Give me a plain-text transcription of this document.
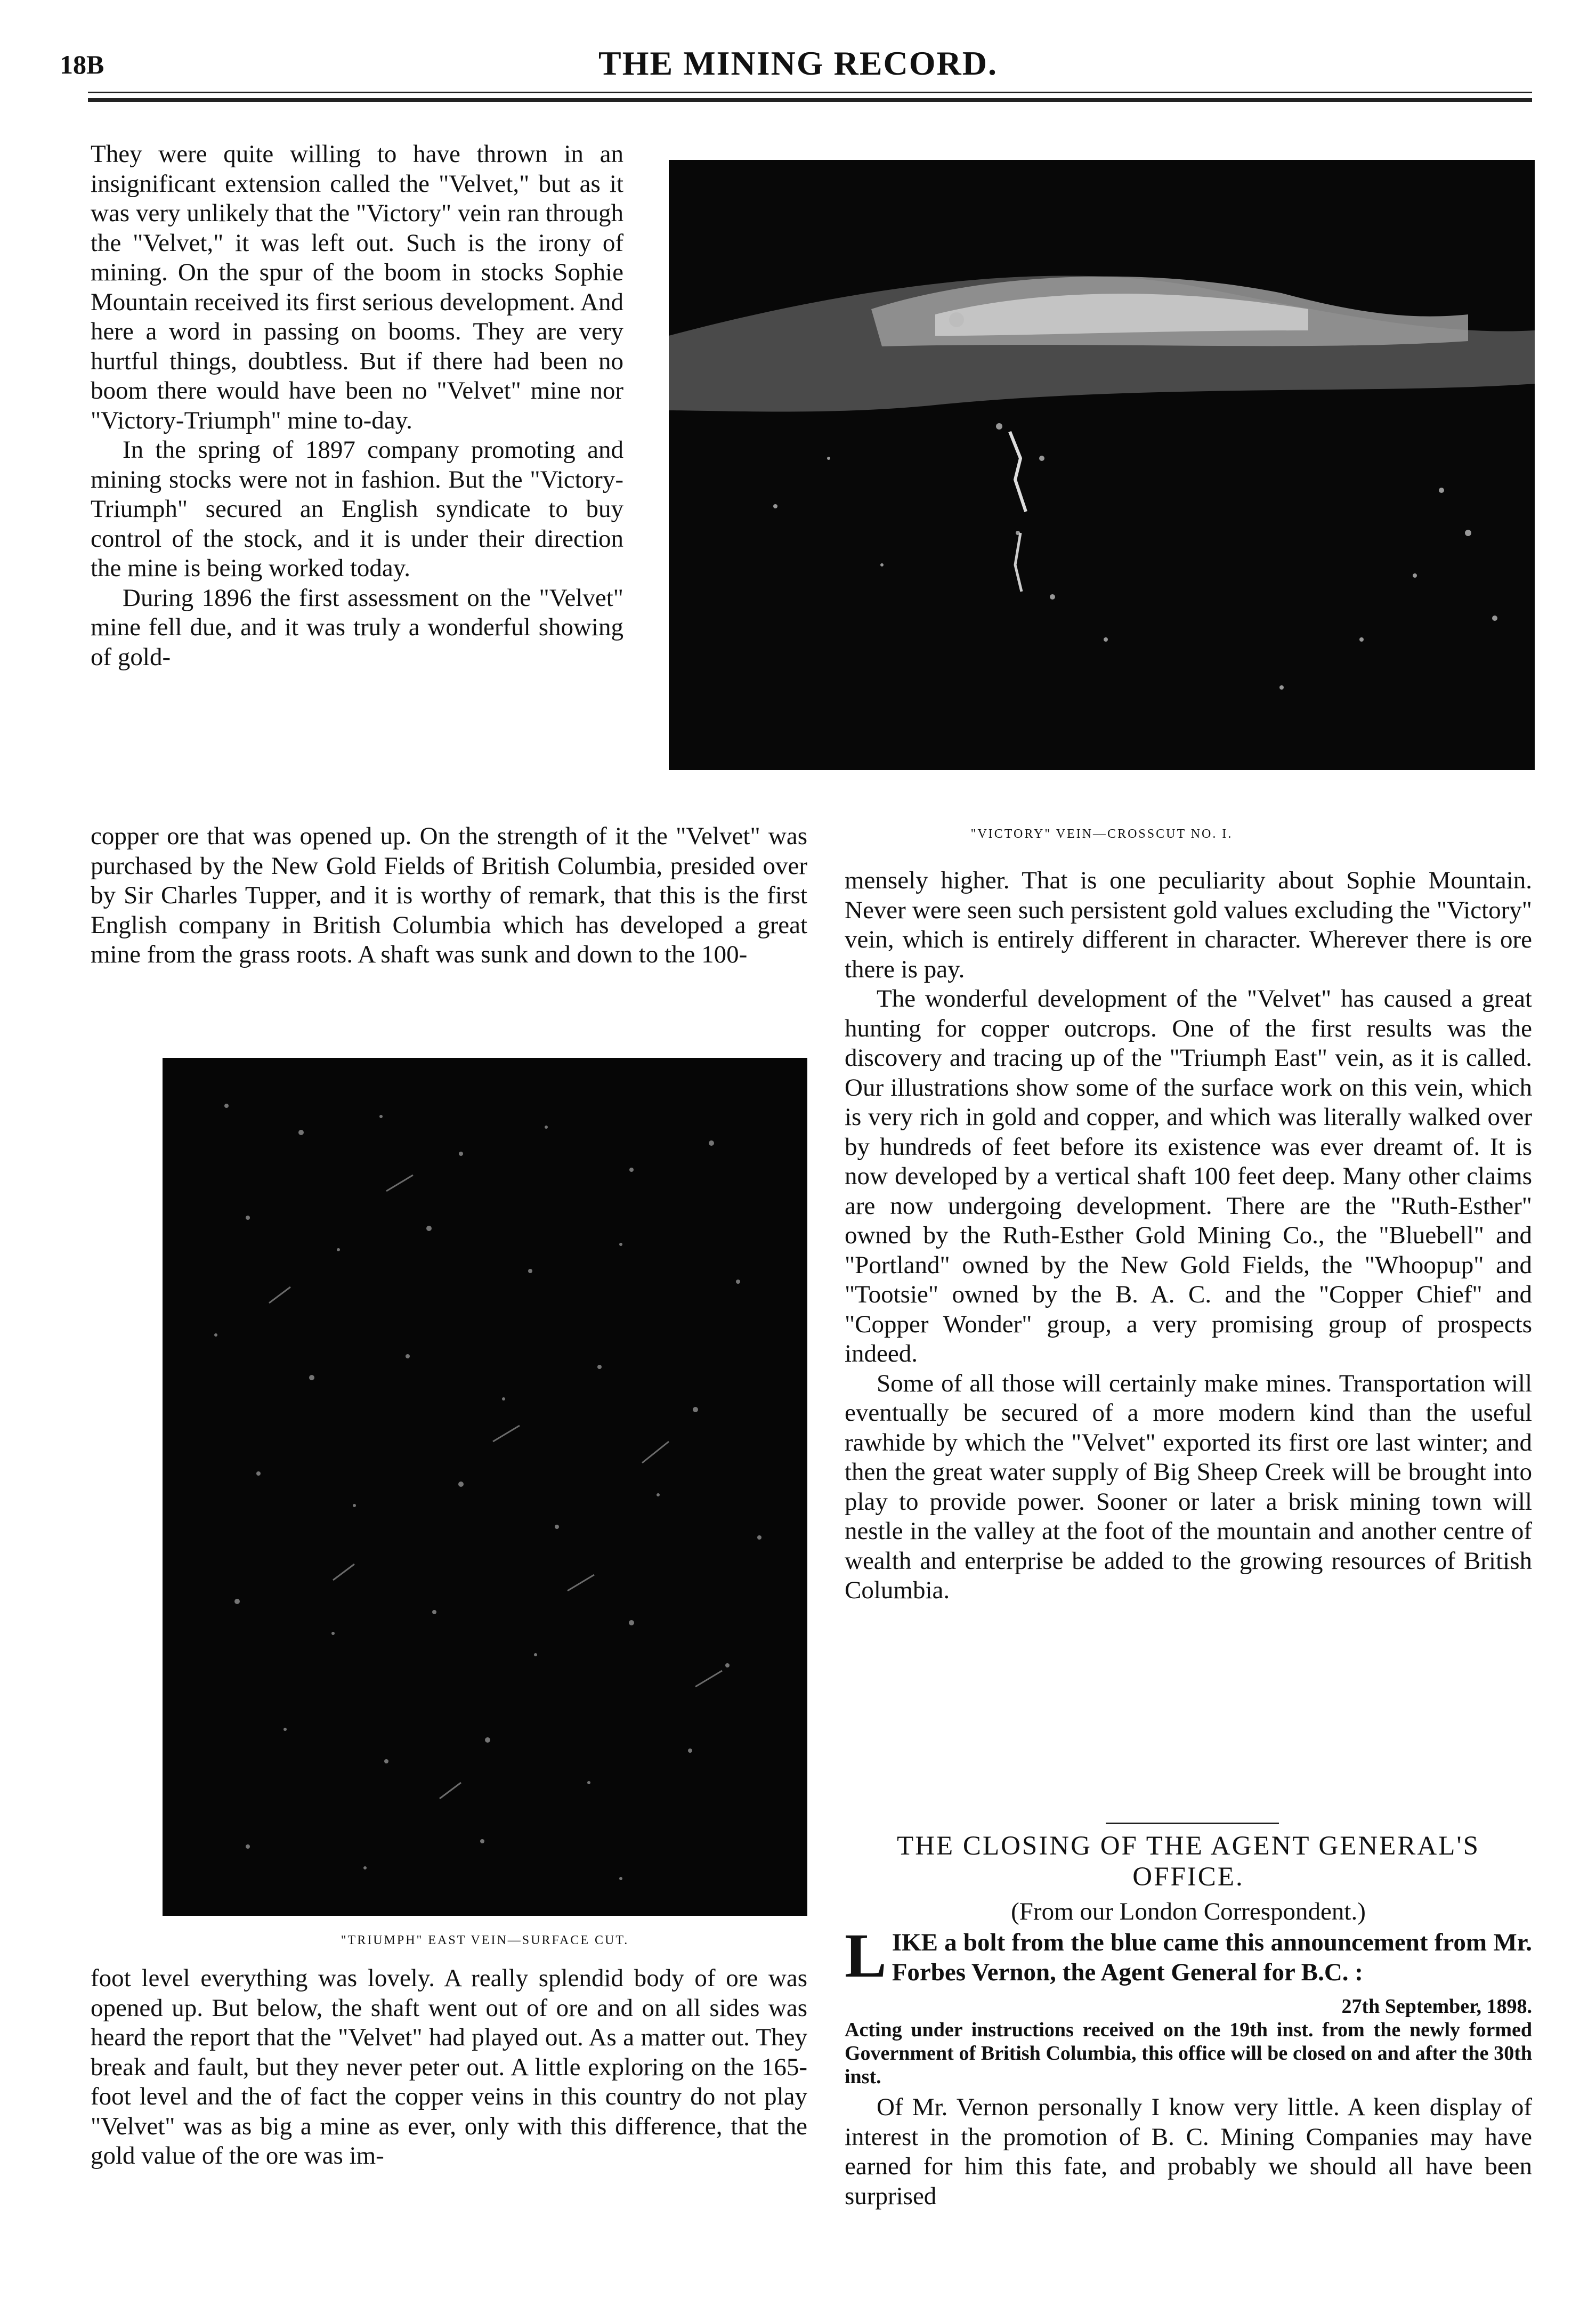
18B	THE MINING RECORD.

They were quite willing to have thrown in an insignificant extension called the "Velvet," but as it was very unlikely that the "Victory" vein ran through the "Velvet," it was left out. Such is the irony of mining. On the spur of the boom in stocks Sophie Mountain received its first serious development. And here a word in passing on booms. They are very hurtful things, doubtless. But if there had been no boom there would have been no "Velvet" mine nor "Victory-Triumph" mine to-day.

In the spring of 1897 company promoting and mining stocks were not in fashion. But the "Victory-Triumph" secured an English syndicate to buy control of the stock, and it is under their direction the mine is being worked today.

During 1896 the first assessment on the "Velvet" mine fell due, and it was truly a wonderful showing of gold-

"VICTORY" VEIN—CROSSCUT NO. I.

copper ore that was opened up. On the strength of it the "Velvet" was purchased by the New Gold Fields of British Columbia, presided over by Sir Charles Tupper, and it is worthy of remark, that this is the first English company in British Columbia which has developed a great mine from the grass roots. A shaft was sunk and down to the 100-

"TRIUMPH" EAST VEIN—SURFACE CUT.

foot level everything was lovely. A really splendid body of ore was opened up. But below, the shaft went out of ore and on all sides was heard the report that the "Velvet" had played out. As a matter out. They break and fault, but they never peter out. A little exploring on the 165-foot level and the of fact the copper veins in this country do not play "Velvet" was as big a mine as ever, only with this difference, that the gold value of the ore was im-

mensely higher. That is one peculiarity about Sophie Mountain. Never were seen such persistent gold values excluding the "Victory" vein, which is entirely different in character. Wherever there is ore there is pay.

The wonderful development of the "Velvet" has caused a great hunting for copper outcrops. One of the first results was the discovery and tracing up of the "Triumph East" vein, as it is called. Our illustrations show some of the surface work on this vein, which is very rich in gold and copper, and which was literally walked over by hundreds of feet before its existence was ever dreamt of. It is now developed by a vertical shaft 100 feet deep. Many other claims are now undergoing development. There are the "Ruth-Esther" owned by the Ruth-Esther Gold Mining Co., the "Bluebell" and "Portland" owned by the New Gold Fields, the "Whoopup" and "Tootsie" owned by the B. A. C. and the "Copper Chief" and "Copper Wonder" group, a very promising group of prospects indeed.

Some of all those will certainly make mines. Transportation will eventually be secured of a more modern kind than the useful rawhide by which the "Velvet" exported its first ore last winter; and then the great water supply of Big Sheep Creek will be brought into play to provide power. Sooner or later a brisk mining town will nestle in the valley at the foot of the mountain and another centre of wealth and enterprise be added to the growing resources of British Columbia.

THE CLOSING OF THE AGENT GENERAL'S
OFFICE.
(From our London Correspondent.)

LIKE a bolt from the blue came this announcement from Mr. Forbes Vernon, the Agent General for B.C. :

27th September, 1898.

Acting under instructions received on the 19th inst. from the newly formed Government of British Columbia, this office will be closed on and after the 30th inst.

Of Mr. Vernon personally I know very little. A keen display of interest in the promotion of B. C. Mining Companies may have earned for him this fate, and probably we should all have been surprised
